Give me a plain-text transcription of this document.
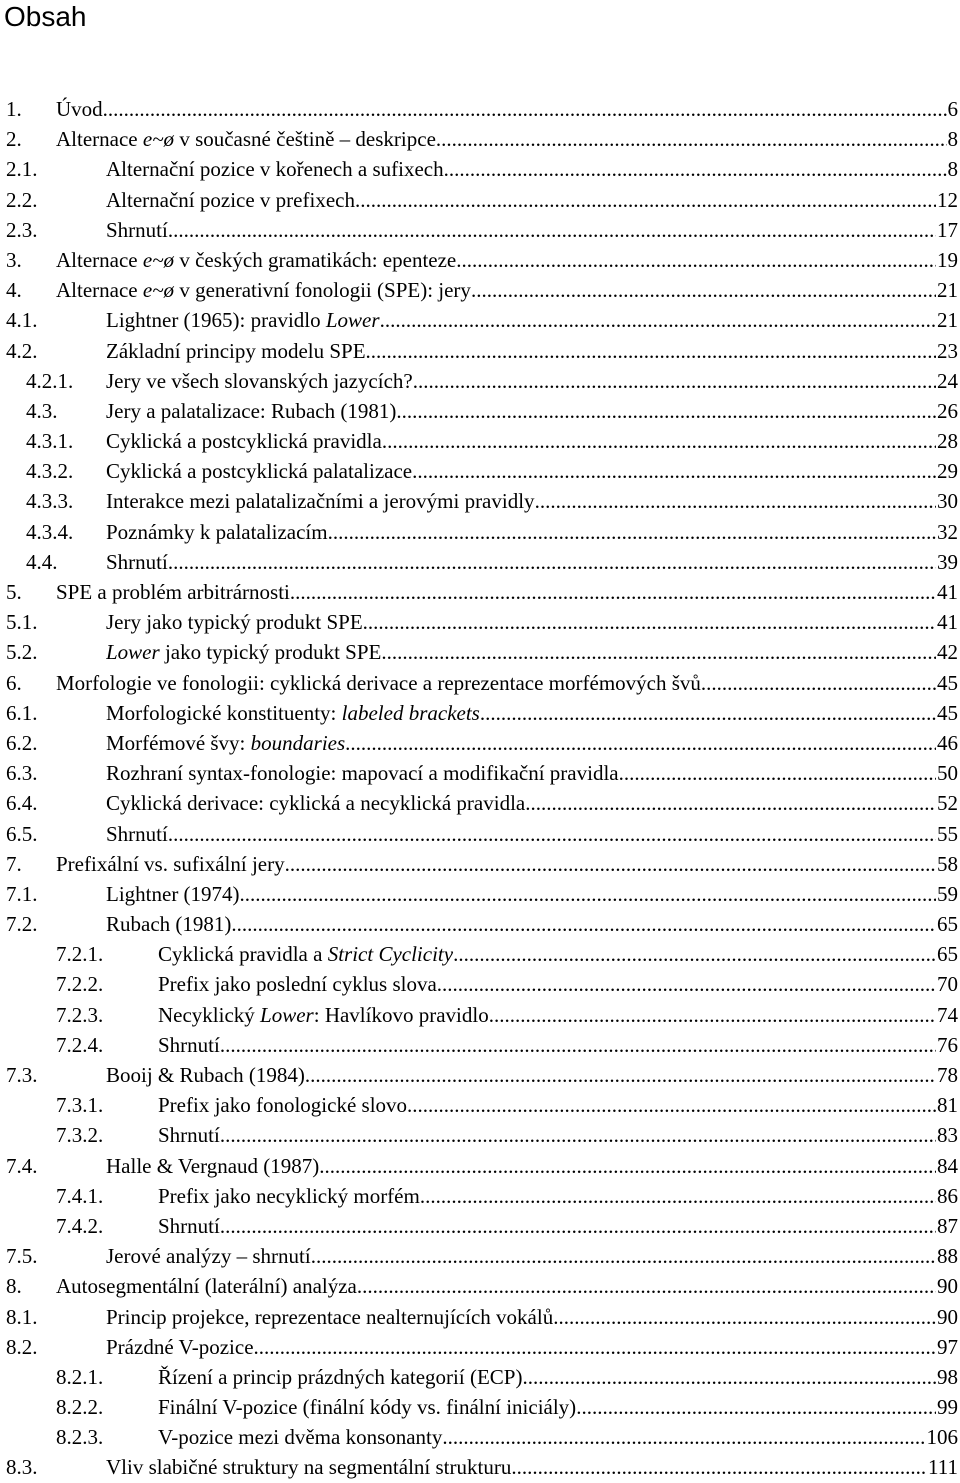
Obsah
1. Úvod .....	6
2. Alternace e~ø v současné češtině – deskripce .....	8
2.1.	Alternační pozice v kořenech a sufixech .....	8
2.2.	Alternační pozice v prefixech .....	12
2.3.	Shrnutí .....	17
3. Alternace e~ø v českých gramatikách: epenteze .....	19
4. Alternace e~ø v generativní fonologii (SPE): jery .....	21
4.1.	Lightner (1965): pravidlo Lower .....	21
4.2.	Základní principy modelu SPE .....	23
4.2.1. Jery ve všech slovanských jazycích? .....	24
4.3. Jery a palatalizace: Rubach (1981) .....	26
4.3.1. Cyklická a postcyklická pravidla .....	28
4.3.2. Cyklická a postcyklická palatalizace .....	29
4.3.3. Interakce mezi palatalizačními a jerovými pravidly .....	30
4.3.4. Poznámky k palatalizacím .....	32
4.4. Shrnutí .....	39
5. SPE a problém arbitrárnosti .....	41
5.1.	Jery jako typický produkt SPE .....	41
5.2.	Lower jako typický produkt SPE .....	42
6. Morfologie ve fonologii: cyklická derivace a reprezentace morfémových švů .....	45
6.1.	Morfologické konstituenty: labeled brackets .....	45
6.2.	Morfémové švy: boundaries .....	46
6.3.	Rozhraní syntax-fonologie: mapovací a modifikační pravidla .....	50
6.4.	Cyklická derivace: cyklická a necyklická pravidla .....	52
6.5.	Shrnutí .....	55
7. Prefixální vs. sufixální jery .....	58
7.1.	Lightner (1974) .....	59
7.2.	Rubach (1981) .....	65
7.2.1.	Cyklická pravidla a Strict Cyclicity .....	65
7.2.2.	Prefix jako poslední cyklus slova .....	70
7.2.3.	Necyklický Lower: Havlíkovo pravidlo .....	74
7.2.4.	Shrnutí .....	76
7.3.	Booij & Rubach (1984) .....	78
7.3.1.	Prefix jako fonologické slovo .....	81
7.3.2.	Shrnutí .....	83
7.4.	Halle & Vergnaud (1987) .....	84
7.4.1.	Prefix jako necyklický morfém .....	86
7.4.2.	Shrnutí .....	87
7.5.	Jerové analýzy – shrnutí .....	88
8. Autosegmentální (laterální) analýza .....	90
8.1.	Princip projekce, reprezentace nealternujících vokálů .....	90
8.2.	Prázdné V-pozice .....	97
8.2.1.	Řízení a princip prázdných kategorií (ECP) .....	98
8.2.2.	Finální V-pozice (finální kódy vs. finální iniciály) .....	99
8.2.3.	V-pozice mezi dvěma konsonanty .....	106
8.3.	Vliv slabičné struktury na segmentální strukturu .....	111
